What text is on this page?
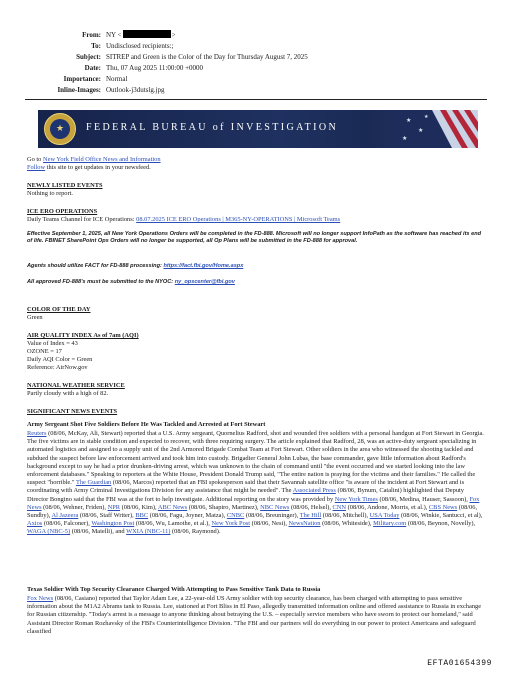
From: NY <	>
To: Undisclosed recipients:;
Subject: SITREP and Green is the Color of the Day for Thursday August 7, 2025
Date: Thu, 07 Aug 2025 11:00:00 +0000
Importance: Normal
Inline-Images: Outlook-j3dutslg.jpg
★	FEDERAL BUREAU of INVESTIGATION
★
★
★
★
Go to New York Field Office News and Information
Follow this site to get updates in your newsfeed.
NEWLY LISTED EVENTS
Nothing to report.
ICE ERO OPERATIONS
Daily Teams Channel for ICE Operations: 08.07.2025 ICE ERO Operations | M365-NY-OPERATIONS | Microsoft Teams
Effective September 1, 2025, all New York Operations Orders will be completed in the FD-888. Microsoft will no longer support InfoPath as the software has reached its end of life. FBINET SharePoint Ops Orders will no longer be supported, all Op Plans will be submitted in the FD-888 for approval.
Agents should utilize FACT for FD-888 processing: https://fact.fbi.gov/Home.aspx
All approved FD-888's must be submitted to the NYOC: ny_opscenter@fbi.gov
COLOR OF THE DAY
Green
AIR QUALITY INDEX As of 7am (AQI)
Value of Index = 43
OZONE = 17
Daily AQI Color = Green
Reference: AirNow.gov
NATIONAL WEATHER SERVICE
Partly cloudy with a high of 82.
SIGNIFICANT NEWS EVENTS
Army Sergeant Shot Five Soldiers Before He Was Tackled and Arrested at Fort Stewart
Reuters (08/06, McKay, Ali, Stewart) reported that a U.S. Army sergeant, Quornelius Radford, shot and wounded five soldiers with a personal handgun at Fort Stewart in Georgia. The five victims are in stable condition and expected to recover, with three requiring surgery. The article explained that Radford, 28, was an active-duty sergeant specializing in automated logistics and assigned to a supply unit of the 2nd Armored Brigade Combat Team at Fort Stewart. Other soldiers in the area who witnessed the shooting tackled and subdued the suspect before law enforcement arrived and took him into custody. Brigadier General John Lubas, the base commander, gave little information about Radford's background except to say he had a prior drunken-driving arrest, which was unknown to the chain of command until "the event occurred and we started looking into the law enforcement databases." Speaking to reporters at the White House, President Donald Trump said, "The entire nation is praying for the victims and their families." He called the suspect "horrible." The Guardian (08/06, Marcos) reported that an FBI spokesperson said that their Savannah satellite office "is aware of the incident at Fort Stewart and is coordinating with Army Criminal Investigations Division for any assistance that might be needed". The Associated Press (08/06, Bynum, Catalini) highlighted that Deputy Director Bongino said that the FBI was at the fort to help investigate. Additional reporting on the story was provided by New York Times (08/06, Medina, Hauser, Sassoon), Fox News (08/06, Wehner, Friden), NPR (08/06, Kim), ABC News (08/06, Shapiro, Martinez), NBC News (08/06, Helsel), CNN (08/06, Andone, Morris, et al.), CBS News (08/06, Sundby), Al Jazeera (08/06, Staff Writer), BBC (08/06, Fagu, Joyner, Matza), CNBC (08/06, Breuninger), The Hill (08/06, Mitchell), USA Today (08/06, Winkie, Santucci, et al), Axios (08/06, Falconer), Washington Post (08/06, Wu, Lamothe, et al.), New York Post (08/06, Nesi), NewsNation (08/06, Whiteside), Military.com (08/06, Beynon, Novelly), WAGA (NBC-5) (08/06, Maielli), and WXIA (NBC-11) (08/06, Raymond).
Texas Soldier With Top Security Clearance Charged With Attempting to Pass Sensitive Tank Data to Russia
Fox News (08/06, Casiano) reported that Taylor Adam Lee, a 22-year-old US Army soldier with top security clearance, has been charged with attempting to pass sensitive information about the M1A2 Abrams tank to Russia. Lee, stationed at Fort Bliss in El Paso, allegedly transmitted information online and offered assistance to Russia in exchange for Russian citizenship. "Today's arrest is a message to anyone thinking about betraying the U.S. – especially service members who have sworn to protect our homeland," said Assistant Director Roman Rozhavsky of the FBI's Counterintelligence Division. "The FBI and our partners will do everything in our power to protect Americans and safeguard classified
EFTA01654399
